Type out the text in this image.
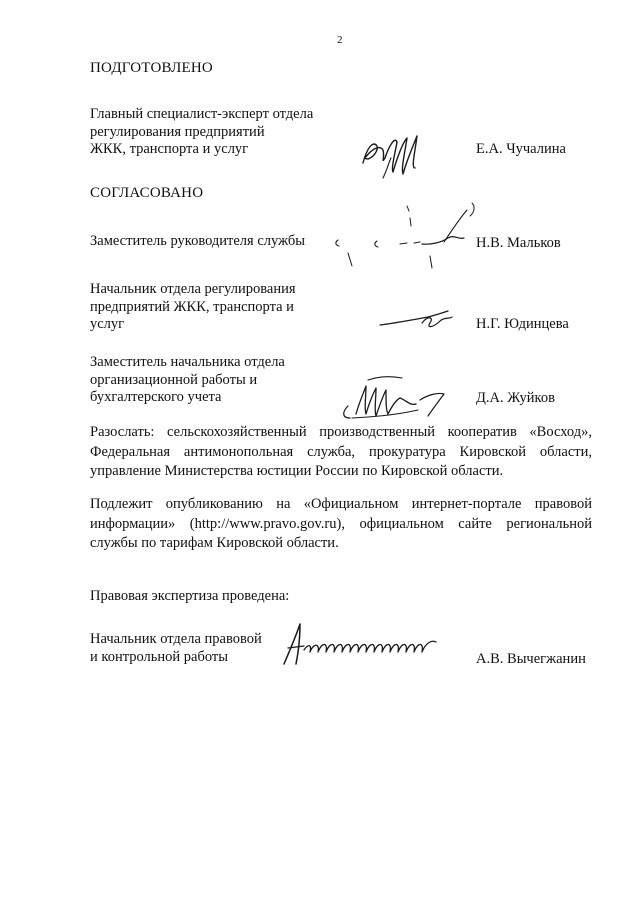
2
ПОДГОТОВЛЕНО
Главный специалист-эксперт отдела
регулирования предприятий
ЖКК, транспорта и услуг	Е.А. Чучалина
СОГЛАСОВАНО
Заместитель руководителя службы	Н.В. Мальков
Начальник отдела регулирования
предприятий ЖКК, транспорта и
услуг	Н.Г. Юдинцева
Заместитель начальника отдела
организационной работы и
бухгалтерского учета	Д.А. Жуйков

Разослать: сельскохозяйственный производственный кооператив «Восход», Федеральная антимонопольная служба, прокуратура Кировской области, управление Министерства юстиции России по Кировской области.

Подлежит опубликованию на «Официальном интернет-портале правовой информации» (http://www.pravo.gov.ru), официальном сайте региональной службы по тарифам Кировской области.

Правовая экспертиза проведена:
Начальник отдела правовой
и контрольной работы	А.В. Вычегжанин
